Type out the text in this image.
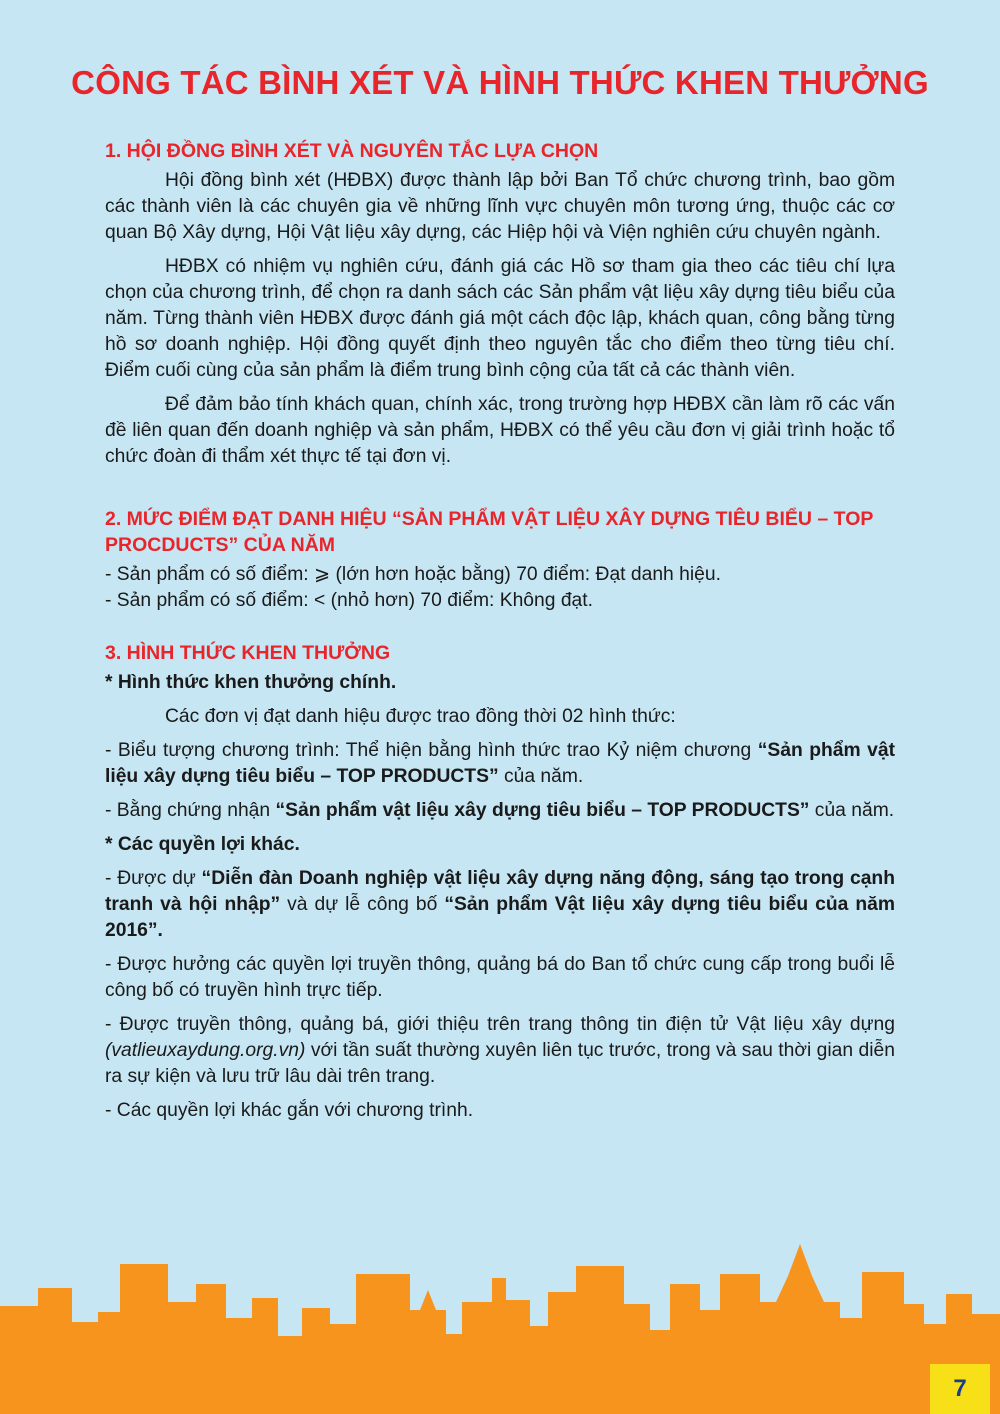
CÔNG TÁC BÌNH XÉT VÀ HÌNH THỨC KHEN THƯỞNG
1. HỘI ĐỒNG BÌNH XÉT VÀ NGUYÊN TẮC LỰA CHỌN

Hội đồng bình xét (HĐBX) được thành lập bởi Ban Tổ chức chương trình, bao gồm các thành viên là các chuyên gia về những lĩnh vực chuyên môn tương ứng, thuộc các cơ quan Bộ Xây dựng, Hội Vật liệu xây dựng, các Hiệp hội và Viện nghiên cứu chuyên ngành.

HĐBX có nhiệm vụ nghiên cứu, đánh giá các Hồ sơ tham gia theo các tiêu chí lựa chọn của chương trình, để chọn ra danh sách các Sản phẩm vật liệu xây dựng tiêu biểu của năm. Từng thành viên HĐBX được đánh giá một cách độc lập, khách quan, công bằng từng hồ sơ doanh nghiệp. Hội đồng quyết định theo nguyên tắc cho điểm theo từng tiêu chí. Điểm cuối cùng của sản phẩm là điểm trung bình cộng của tất cả các thành viên.

Để đảm bảo tính khách quan, chính xác, trong trường hợp HĐBX cần làm rõ các vấn đề liên quan đến doanh nghiệp và sản phẩm, HĐBX có thể yêu cầu đơn vị giải trình hoặc tổ chức đoàn đi thẩm xét thực tế tại đơn vị.

2. MỨC ĐIỂM ĐẠT DANH HIỆU “SẢN PHẨM VẬT LIỆU XÂY DỰNG TIÊU BIỂU – TOP PROCDUCTS” CỦA NĂM

- Sản phẩm có số điểm: ⩾ (lớn hơn hoặc bằng) 70 điểm: Đạt danh hiệu.

- Sản phẩm có số điểm: < (nhỏ hơn) 70 điểm: Không đạt.

3. HÌNH THỨC KHEN THƯỞNG

* Hình thức khen thưởng chính.

Các đơn vị đạt danh hiệu được trao đồng thời 02 hình thức:

- Biểu tượng chương trình: Thể hiện bằng hình thức trao Kỷ niệm chương “Sản phẩm vật liệu xây dựng tiêu biểu – TOP PRODUCTS” của năm.

- Bằng chứng nhận “Sản phẩm vật liệu xây dựng tiêu biểu – TOP PRODUCTS” của năm.

* Các quyền lợi khác.

- Được dự “Diễn đàn Doanh nghiệp vật liệu xây dựng năng động, sáng tạo trong cạnh tranh và hội nhập” và dự lễ công bố “Sản phẩm Vật liệu xây dựng tiêu biểu của năm 2016”.

- Được hưởng các quyền lợi truyền thông, quảng bá do Ban tổ chức cung cấp trong buổi lễ công bố có truyền hình trực tiếp.

- Được truyền thông, quảng bá, giới thiệu trên trang thông tin điện tử Vật liệu xây dựng (vatlieuxaydung.org.vn) với tần suất thường xuyên liên tục trước, trong và sau thời gian diễn ra sự kiện và lưu trữ lâu dài trên trang.

- Các quyền lợi khác gắn với chương trình.

7
